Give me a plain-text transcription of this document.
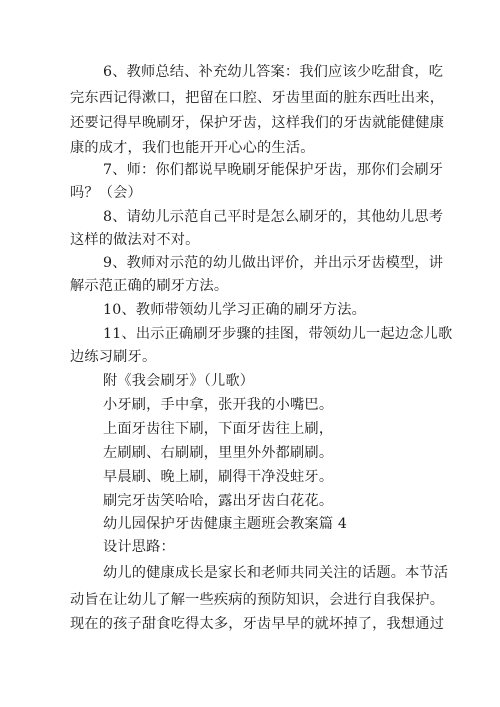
6、教师总结、补充幼儿答案：我们应该少吃甜食，吃
完东西记得漱口，把留在口腔、牙齿里面的脏东西吐出来，
还要记得早晚刷牙，保护牙齿，这样我们的牙齿就能健健康
康的成才，我们也能开开心心的生活。
7、师：你们都说早晚刷牙能保护牙齿，那你们会刷牙
吗？（会）
8、请幼儿示范自己平时是怎么刷牙的，其他幼儿思考
这样的做法对不对。
9、教师对示范的幼儿做出评价，并出示牙齿模型，讲
解示范正确的刷牙方法。
10、教师带领幼儿学习正确的刷牙方法。
11、出示正确刷牙步骤的挂图，带领幼儿一起边念儿歌
边练习刷牙。
附《我会刷牙》（儿歌）
小牙刷，手中拿，张开我的小嘴巴。
上面牙齿往下刷，下面牙齿往上刷，
左刷刷、右刷刷，里里外外都刷刷。
早晨刷、晚上刷，刷得干净没蛀牙。
刷完牙齿笑哈哈，露出牙齿白花花。
幼儿园保护牙齿健康主题班会教案篇 4
设计思路：
幼儿的健康成长是家长和老师共同关注的话题。本节活
动旨在让幼儿了解一些疾病的预防知识，会进行自我保护。
现在的孩子甜食吃得太多，牙齿早早的就坏掉了，我想通过
